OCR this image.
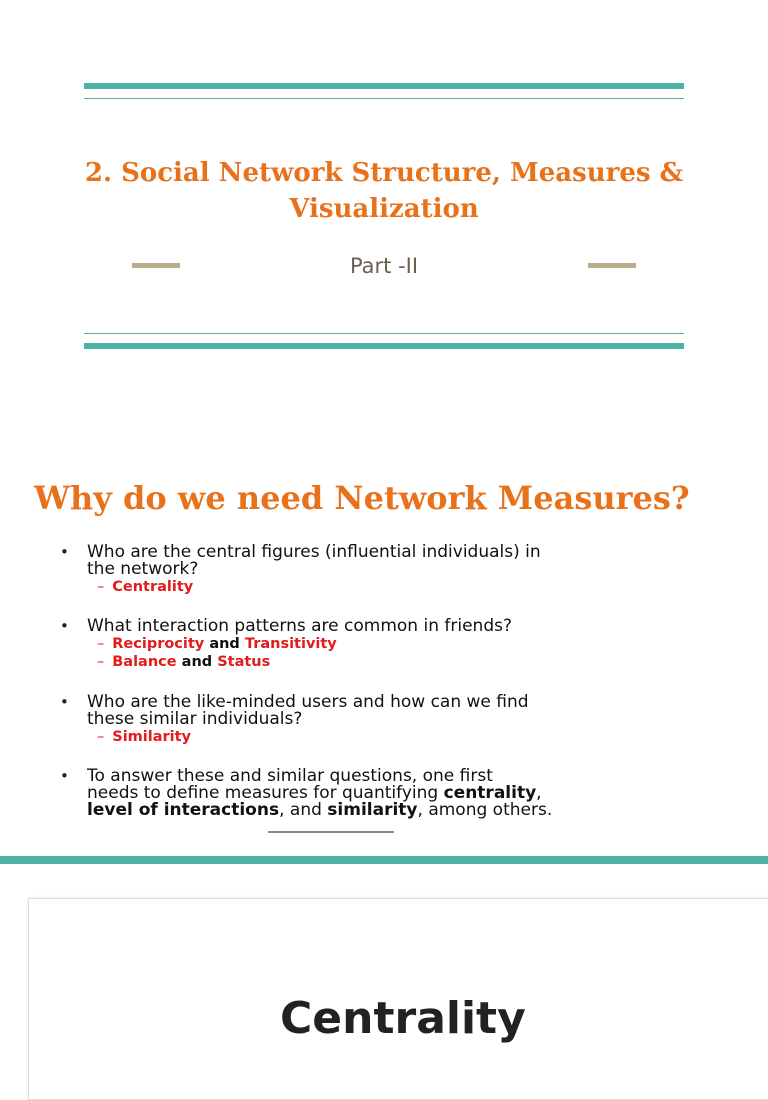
2. Social Network Structure, Measures &
Visualization
Part -II
Why do we need Network Measures?
• Who are the central figures (influential individuals) in
the network?
– Centrality
• What interaction patterns are common in friends?
– Reciprocity and Transitivity
– Balance and Status
• Who are the like-minded users and how can we find
these similar individuals?
– Similarity
• To answer these and similar questions, one first
needs to define measures for quantifying centrality,
level of interactions, and similarity, among others.
Centrality
